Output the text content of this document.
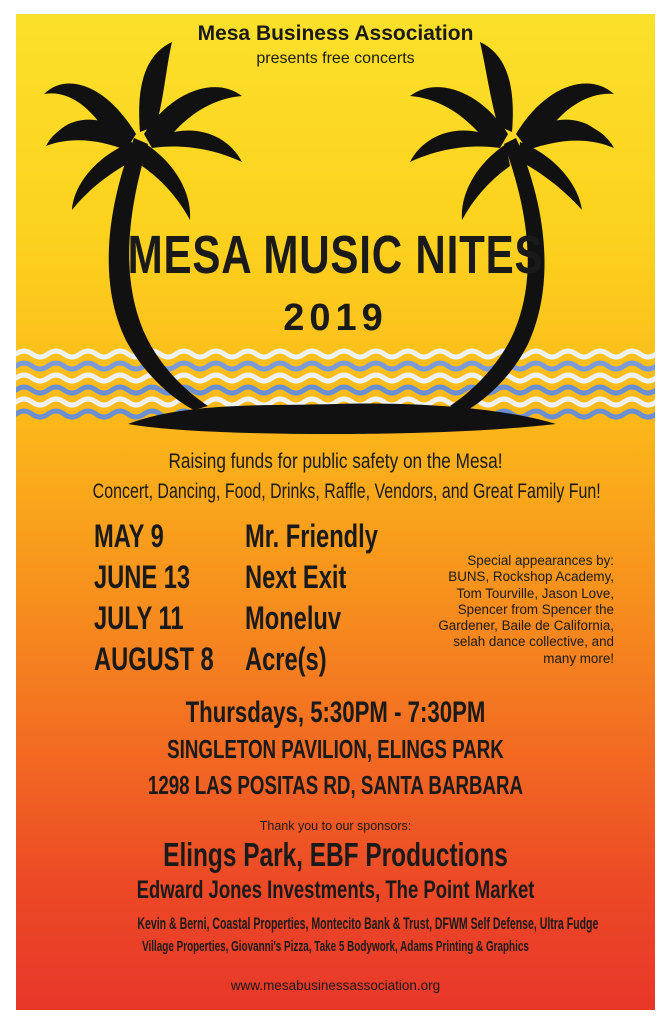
Mesa Business Association
presents free concerts
MESA MUSIC NITES
2019
Raising funds for public safety on the Mesa!
Concert, Dancing, Food, Drinks, Raffle, Vendors, and Great Family Fun!
MAY 9
JUNE 13
JULY 11
AUGUST 8
Mr. Friendly
Next Exit
Moneluv
Acre(s)
Special appearances by:
BUNS, Rockshop Academy,
Tom Tourville, Jason Love,
Spencer from Spencer the
Gardener, Baile de California,
selah dance collective, and
many more!
Thursdays, 5:30PM - 7:30PM
SINGLETON PAVILION, ELINGS PARK
1298 LAS POSITAS RD, SANTA BARBARA
Thank you to our sponsors:
Elings Park, EBF Productions
Edward Jones Investments, The Point Market
Kevin & Berni, Coastal Properties, Montecito Bank & Trust, DFWM Self Defense, Ultra Fudge
Village Properties, Giovanni's Pizza, Take 5 Bodywork, Adams Printing & Graphics
www.mesabusinessassociation.org
